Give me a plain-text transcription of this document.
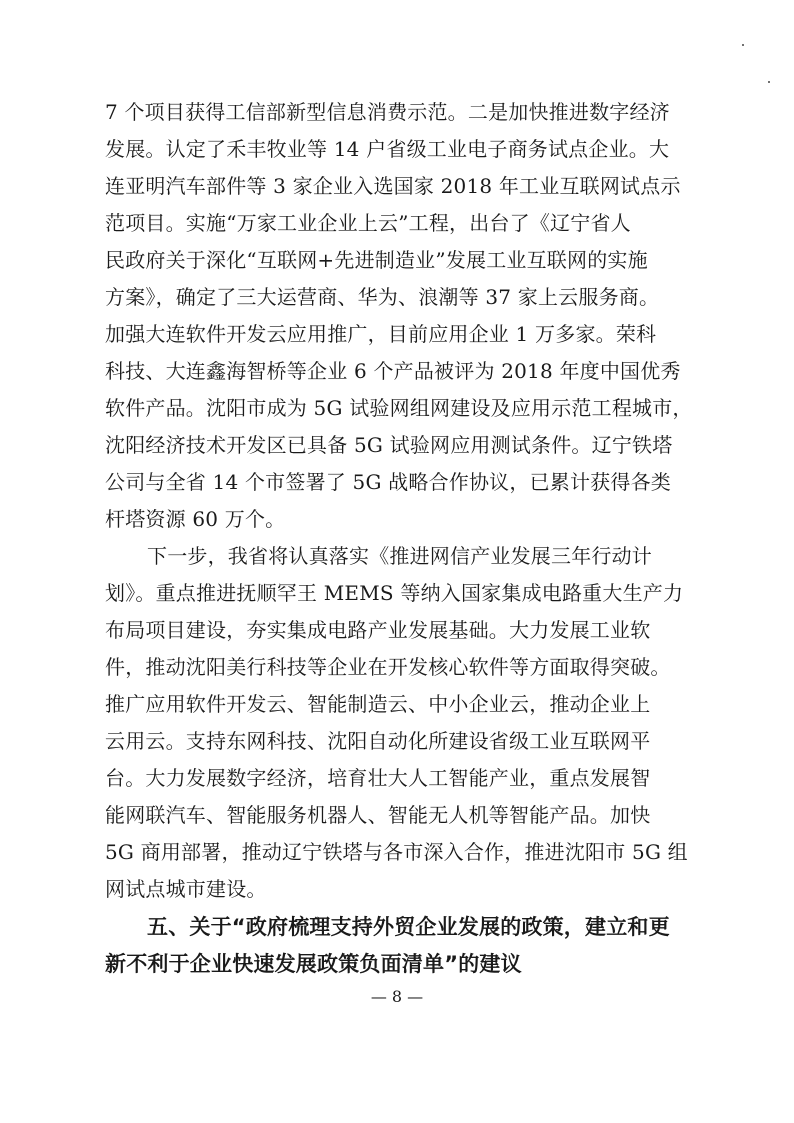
7 个项目获得工信部新型信息消费示范。二是加快推进数字经济
发展。认定了禾丰牧业等 14 户省级工业电子商务试点企业。大
连亚明汽车部件等 3 家企业入选国家 2018 年工业互联网试点示
范项目。实施“万家工业企业上云”工程，出台了《辽宁省人
民政府关于深化“互联网+先进制造业”发展工业互联网的实施
方案》，确定了三大运营商、华为、浪潮等 37 家上云服务商。
加强大连软件开发云应用推广，目前应用企业 1 万多家。荣科
科技、大连鑫海智桥等企业 6 个产品被评为 2018 年度中国优秀
软件产品。沈阳市成为 5G 试验网组网建设及应用示范工程城市，
沈阳经济技术开发区已具备 5G 试验网应用测试条件。辽宁铁塔
公司与全省 14 个市签署了 5G 战略合作协议，已累计获得各类
杆塔资源 60 万个。
下一步，我省将认真落实《推进网信产业发展三年行动计
划》。重点推进抚顺罕王 MEMS 等纳入国家集成电路重大生产力
布局项目建设，夯实集成电路产业发展基础。大力发展工业软
件，推动沈阳美行科技等企业在开发核心软件等方面取得突破。
推广应用软件开发云、智能制造云、中小企业云，推动企业上
云用云。支持东网科技、沈阳自动化所建设省级工业互联网平
台。大力发展数字经济，培育壮大人工智能产业，重点发展智
能网联汽车、智能服务机器人、智能无人机等智能产品。加快
5G 商用部署，推动辽宁铁塔与各市深入合作，推进沈阳市 5G 组
网试点城市建设。
五、关于“政府梳理支持外贸企业发展的政策，建立和更
新不利于企业快速发展政策负面清单”的建议
— 8 —
